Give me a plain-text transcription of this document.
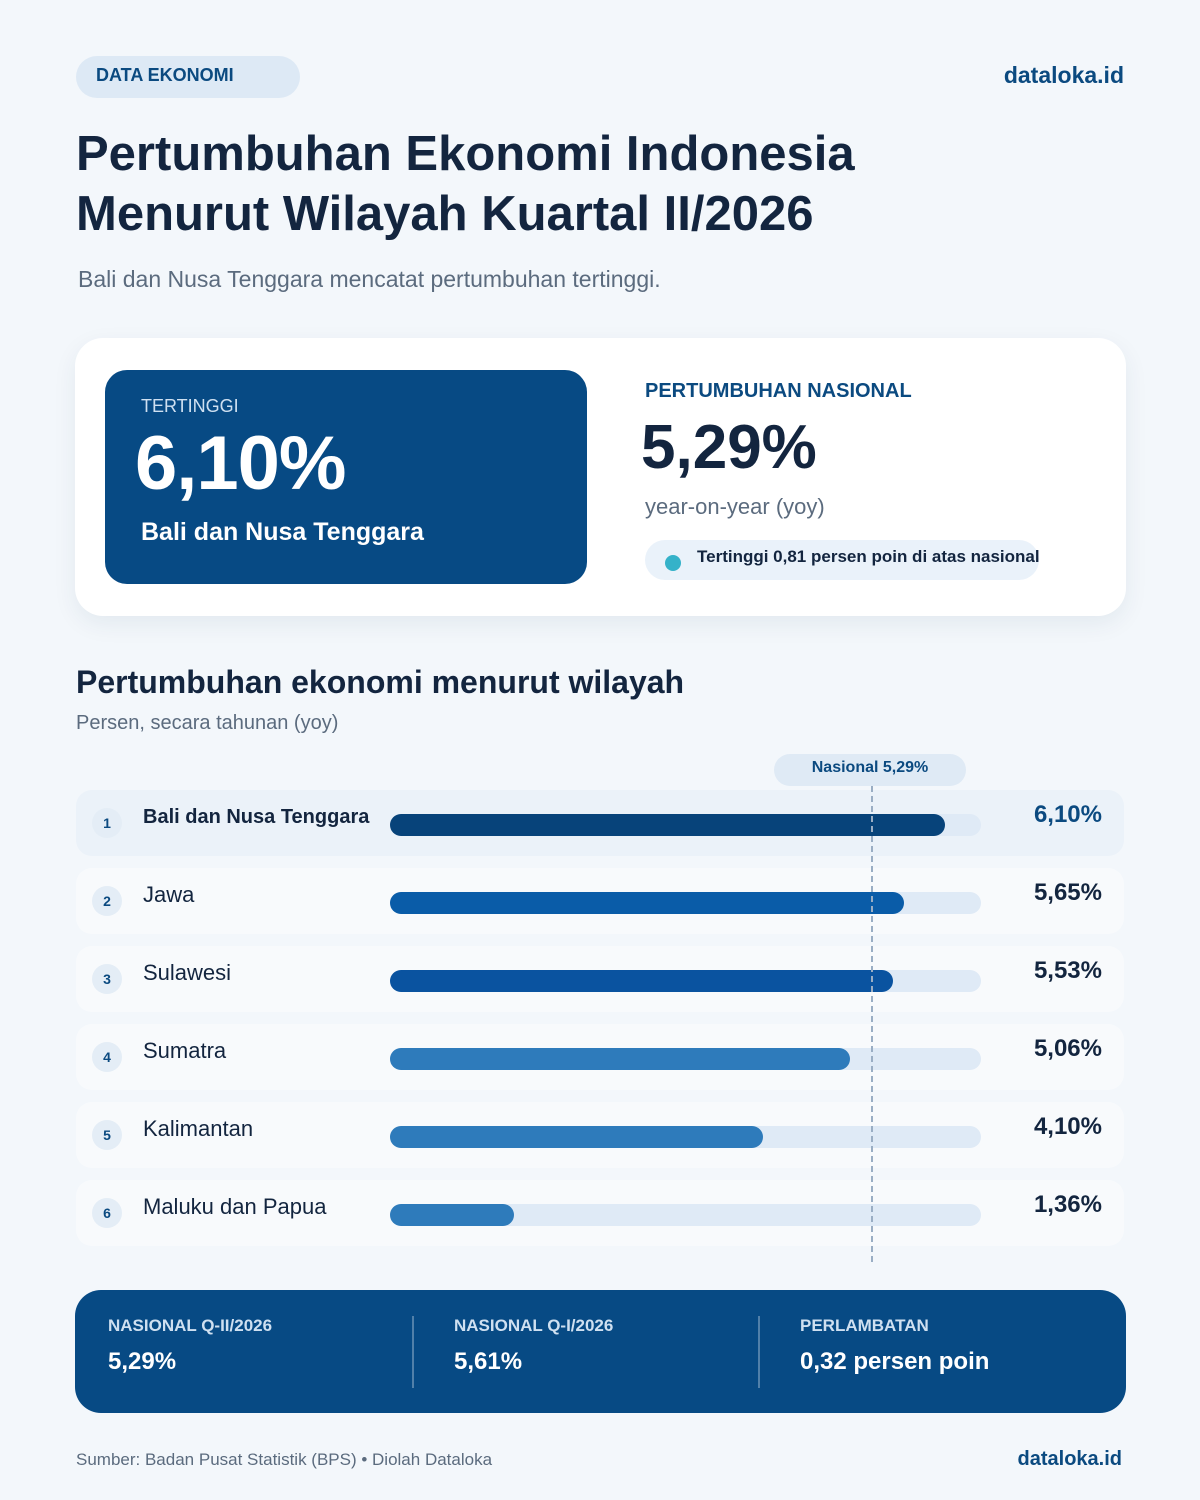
DATA EKONOMI	dataloka.id
Pertumbuhan Ekonomi Indonesia
Menurut Wilayah Kuartal II/2026
Bali dan Nusa Tenggara mencatat pertumbuhan tertinggi.
TERTINGGI
6,10%
Bali dan Nusa Tenggara
PERTUMBUHAN NASIONAL
5,29%
year-on-year (yoy)
Tertinggi 0,81 persen poin di atas nasional
Pertumbuhan ekonomi menurut wilayah
Persen, secara tahunan (yoy)
Nasional 5,29%
1	Bali dan Nusa Tenggara	6,10%
2	Jawa	5,65%
3	Sulawesi	5,53%
4	Sumatra	5,06%
5	Kalimantan	4,10%
6	Maluku dan Papua	1,36%
NASIONAL Q-II/2026
5,29%
NASIONAL Q-I/2026
5,61%
PERLAMBATAN
0,32 persen poin
Sumber: Badan Pusat Statistik (BPS) • Diolah Dataloka	dataloka.id
